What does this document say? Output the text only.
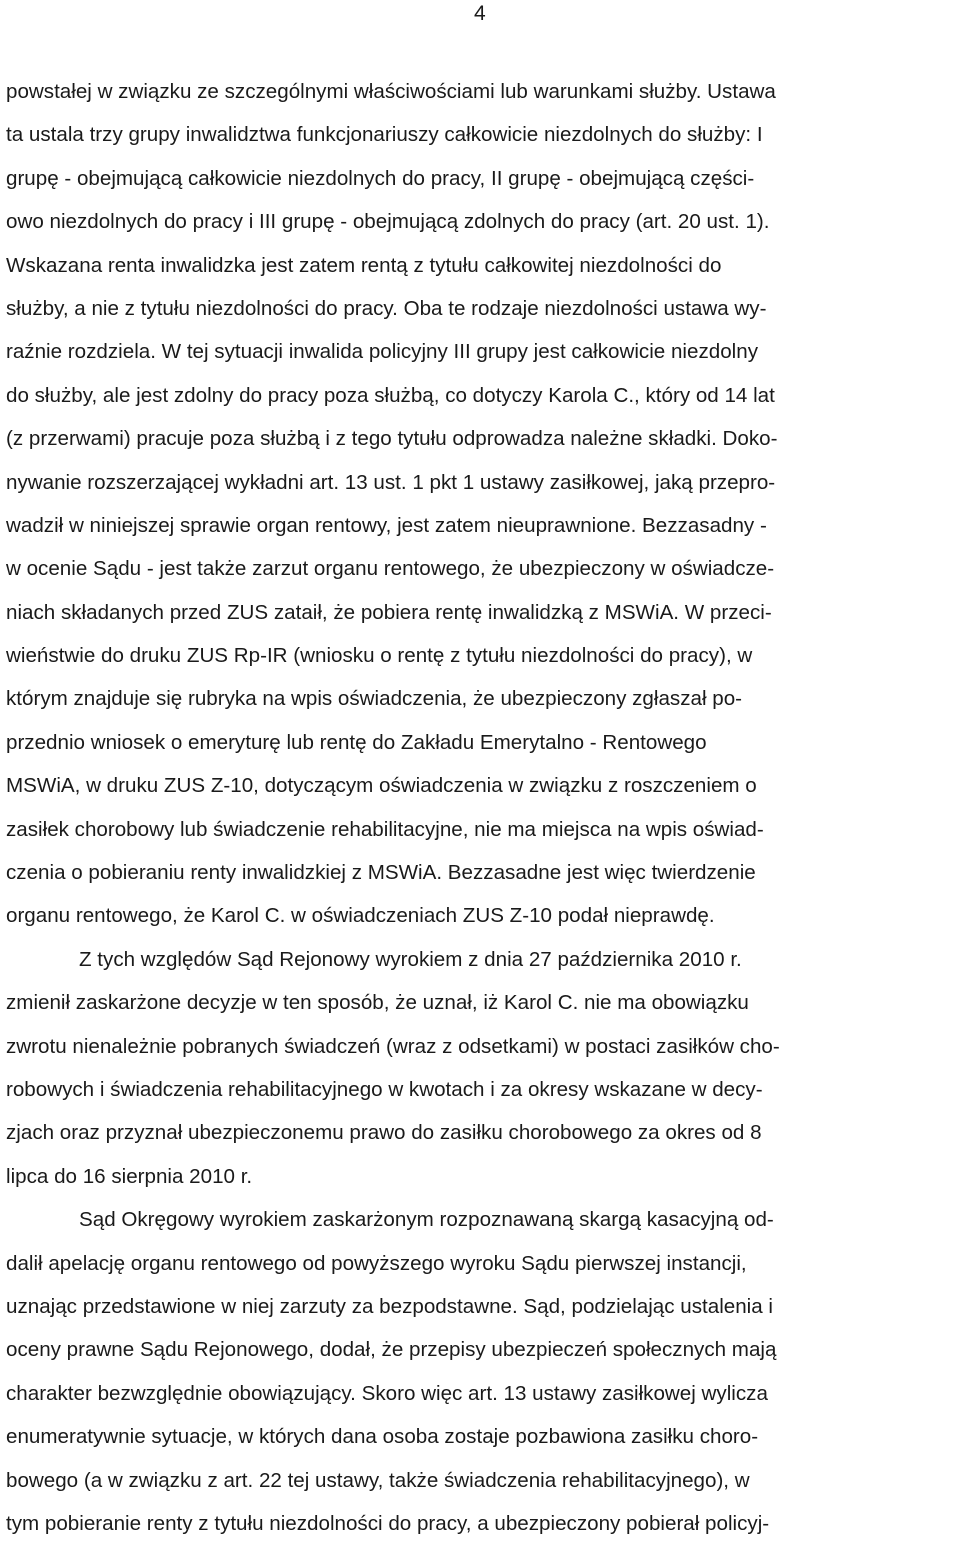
4
powstałej w związku ze szczególnymi właściwościami lub warunkami służby. Ustawa
ta ustala trzy grupy inwalidztwa funkcjonariuszy całkowicie niezdolnych do służby: I
grupę - obejmującą całkowicie niezdolnych do pracy, II grupę - obejmującą części-
owo niezdolnych do pracy i III grupę - obejmującą zdolnych do pracy (art. 20 ust. 1).
Wskazana renta inwalidzka jest zatem rentą z tytułu całkowitej niezdolności do
służby, a nie z tytułu niezdolności do pracy. Oba te rodzaje niezdolności ustawa wy-
raźnie rozdziela. W tej sytuacji inwalida policyjny III grupy jest całkowicie niezdolny
do służby, ale jest zdolny do pracy poza służbą, co dotyczy Karola C., który od 14 lat
(z przerwami) pracuje poza służbą i z tego tytułu odprowadza należne składki. Doko-
nywanie rozszerzającej wykładni art. 13 ust. 1 pkt 1 ustawy zasiłkowej, jaką przepro-
wadził w niniejszej sprawie organ rentowy, jest zatem nieuprawnione. Bezzasadny -
w ocenie Sądu - jest także zarzut organu rentowego, że ubezpieczony w oświadcze-
niach składanych przed ZUS zataił, że pobiera rentę inwalidzką z MSWiA. W przeci-
wieństwie do druku ZUS Rp-IR (wniosku o rentę z tytułu niezdolności do pracy), w
którym znajduje się rubryka na wpis oświadczenia, że ubezpieczony zgłaszał po-
przednio wniosek o emeryturę lub rentę do Zakładu Emerytalno - Rentowego
MSWiA, w druku ZUS Z-10, dotyczącym oświadczenia w związku z roszczeniem o
zasiłek chorobowy lub świadczenie rehabilitacyjne, nie ma miejsca na wpis oświad-
czenia o pobieraniu renty inwalidzkiej z MSWiA. Bezzasadne jest więc twierdzenie
organu rentowego, że Karol C. w oświadczeniach ZUS Z-10 podał nieprawdę.
Z tych względów Sąd Rejonowy wyrokiem z dnia 27 października 2010 r.
zmienił zaskarżone decyzje w ten sposób, że uznał, iż Karol C. nie ma obowiązku
zwrotu nienależnie pobranych świadczeń (wraz z odsetkami) w postaci zasiłków cho-
robowych i świadczenia rehabilitacyjnego w kwotach i za okresy wskazane w decy-
zjach oraz przyznał ubezpieczonemu prawo do zasiłku chorobowego za okres od 8
lipca do 16 sierpnia 2010 r.
Sąd Okręgowy wyrokiem zaskarżonym rozpoznawaną skargą kasacyjną od-
dalił apelację organu rentowego od powyższego wyroku Sądu pierwszej instancji,
uznając przedstawione w niej zarzuty za bezpodstawne. Sąd, podzielając ustalenia i
oceny prawne Sądu Rejonowego, dodał, że przepisy ubezpieczeń społecznych mają
charakter bezwzględnie obowiązujący. Skoro więc art. 13 ustawy zasiłkowej wylicza
enumeratywnie sytuacje, w których dana osoba zostaje pozbawiona zasiłku choro-
bowego (a w związku z art. 22 tej ustawy, także świadczenia rehabilitacyjnego), w
tym pobieranie renty z tytułu niezdolności do pracy, a ubezpieczony pobierał policyj-
